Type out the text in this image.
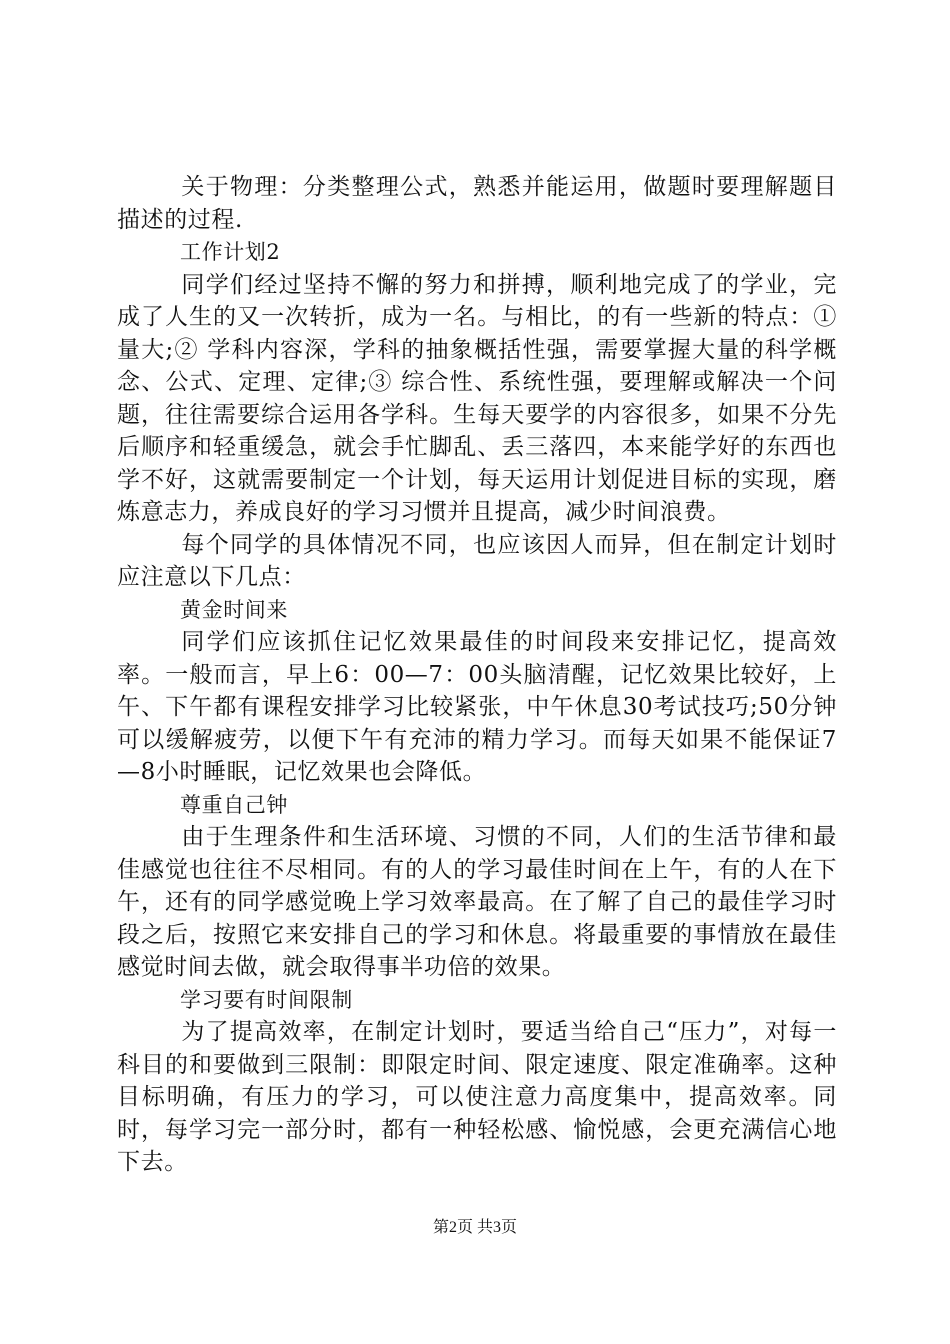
关于物理：分类整理公式，熟悉并能运用，做题时要理解题目描述的过程.

工作计划2

同学们经过坚持不懈的努力和拼搏，顺利地完成了的学业，完成了人生的又一次转折，成为一名。与相比，的有一些新的特点：①量大;② 学科内容深，学科的抽象概括性强，需要掌握大量的科学概念、公式、定理、定律;③ 综合性、系统性强，要理解或解决一个问题，往往需要综合运用各学科。生每天要学的内容很多，如果不分先后顺序和轻重缓急，就会手忙脚乱、丢三落四，本来能学好的东西也学不好，这就需要制定一个计划，每天运用计划促进目标的实现，磨炼意志力，养成良好的学习习惯并且提高，减少时间浪费。

每个同学的具体情况不同，也应该因人而异，但在制定计划时应注意以下几点：

黄金时间来

同学们应该抓住记忆效果最佳的时间段来安排记忆，提高效率。一般而言，早上6：00—7：00头脑清醒，记忆效果比较好，上午、下午都有课程安排学习比较紧张，中午休息30考试技巧;50分钟可以缓解疲劳，以便下午有充沛的精力学习。而每天如果不能保证7—8小时睡眠，记忆效果也会降低。

尊重自己钟

由于生理条件和生活环境、习惯的不同，人们的生活节律和最佳感觉也往往不尽相同。有的人的学习最佳时间在上午，有的人在下午，还有的同学感觉晚上学习效率最高。在了解了自己的最佳学习时段之后，按照它来安排自己的学习和休息。将最重要的事情放在最佳感觉时间去做，就会取得事半功倍的效果。

学习要有时间限制

为了提高效率，在制定计划时，要适当给自己“压力”，对每一科目的和要做到三限制：即限定时间、限定速度、限定准确率。这种目标明确，有压力的学习，可以使注意力高度集中，提高效率。同时，每学习完一部分时，都有一种轻松感、愉悦感，会更充满信心地下去。

第2页 共3页
